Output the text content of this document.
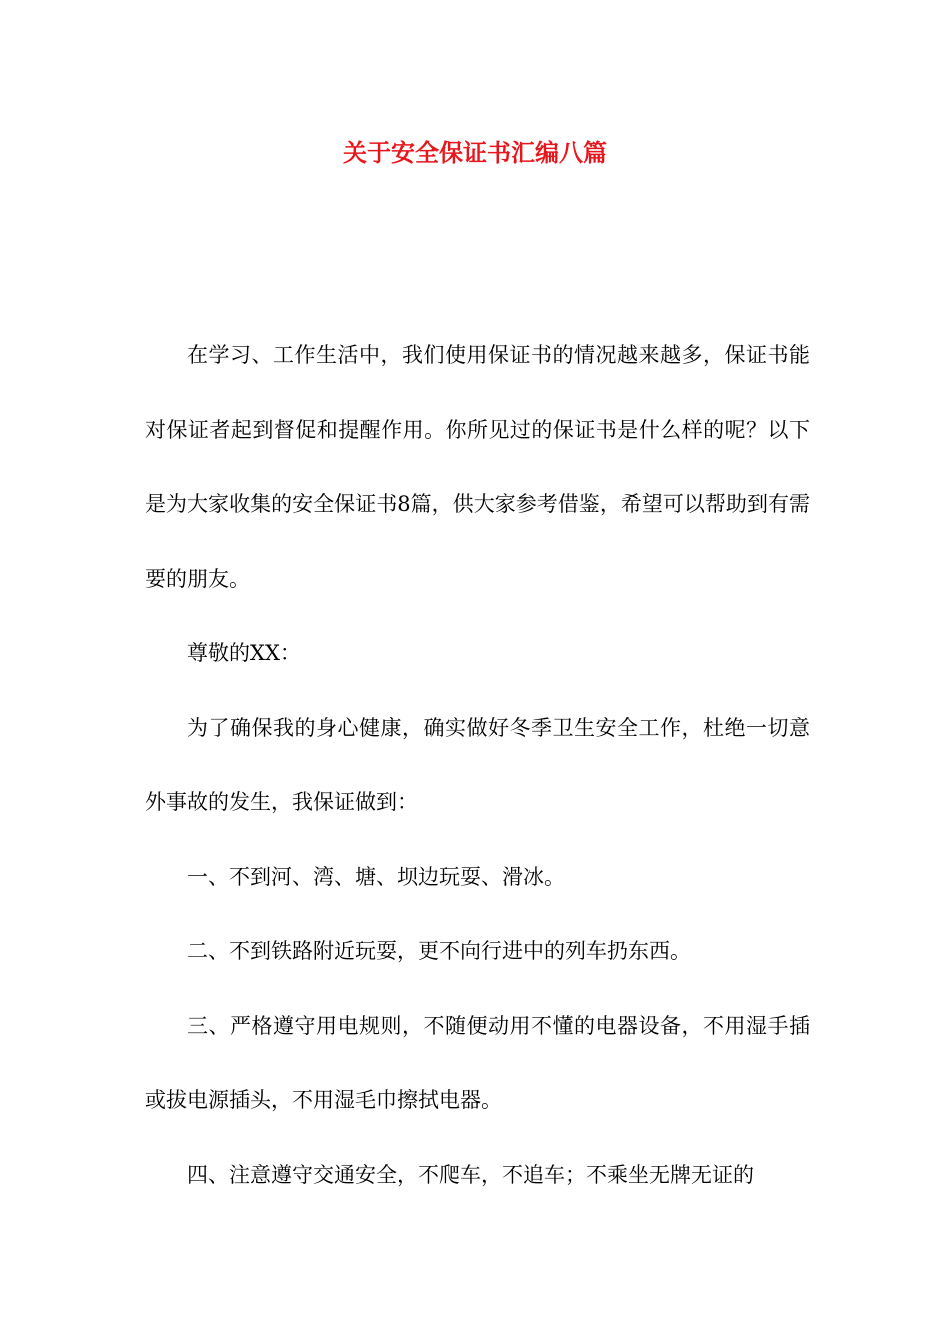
关于安全保证书汇编八篇

在学习、工作生活中，我们使用保证书的情况越来越多，保证书能对保证者起到督促和提醒作用。你所见过的保证书是什么样的呢？以下是为大家收集的安全保证书8篇，供大家参考借鉴，希望可以帮助到有需要的朋友。

尊敬的XX：

为了确保我的身心健康，确实做好冬季卫生安全工作，杜绝一切意外事故的发生，我保证做到：

一、不到河、湾、塘、坝边玩耍、滑冰。

二、不到铁路附近玩耍，更不向行进中的列车扔东西。

三、严格遵守用电规则，不随便动用不懂的电器设备，不用湿手插或拔电源插头，不用湿毛巾擦拭电器。

四、注意遵守交通安全，不爬车，不追车；不乘坐无牌无证的
